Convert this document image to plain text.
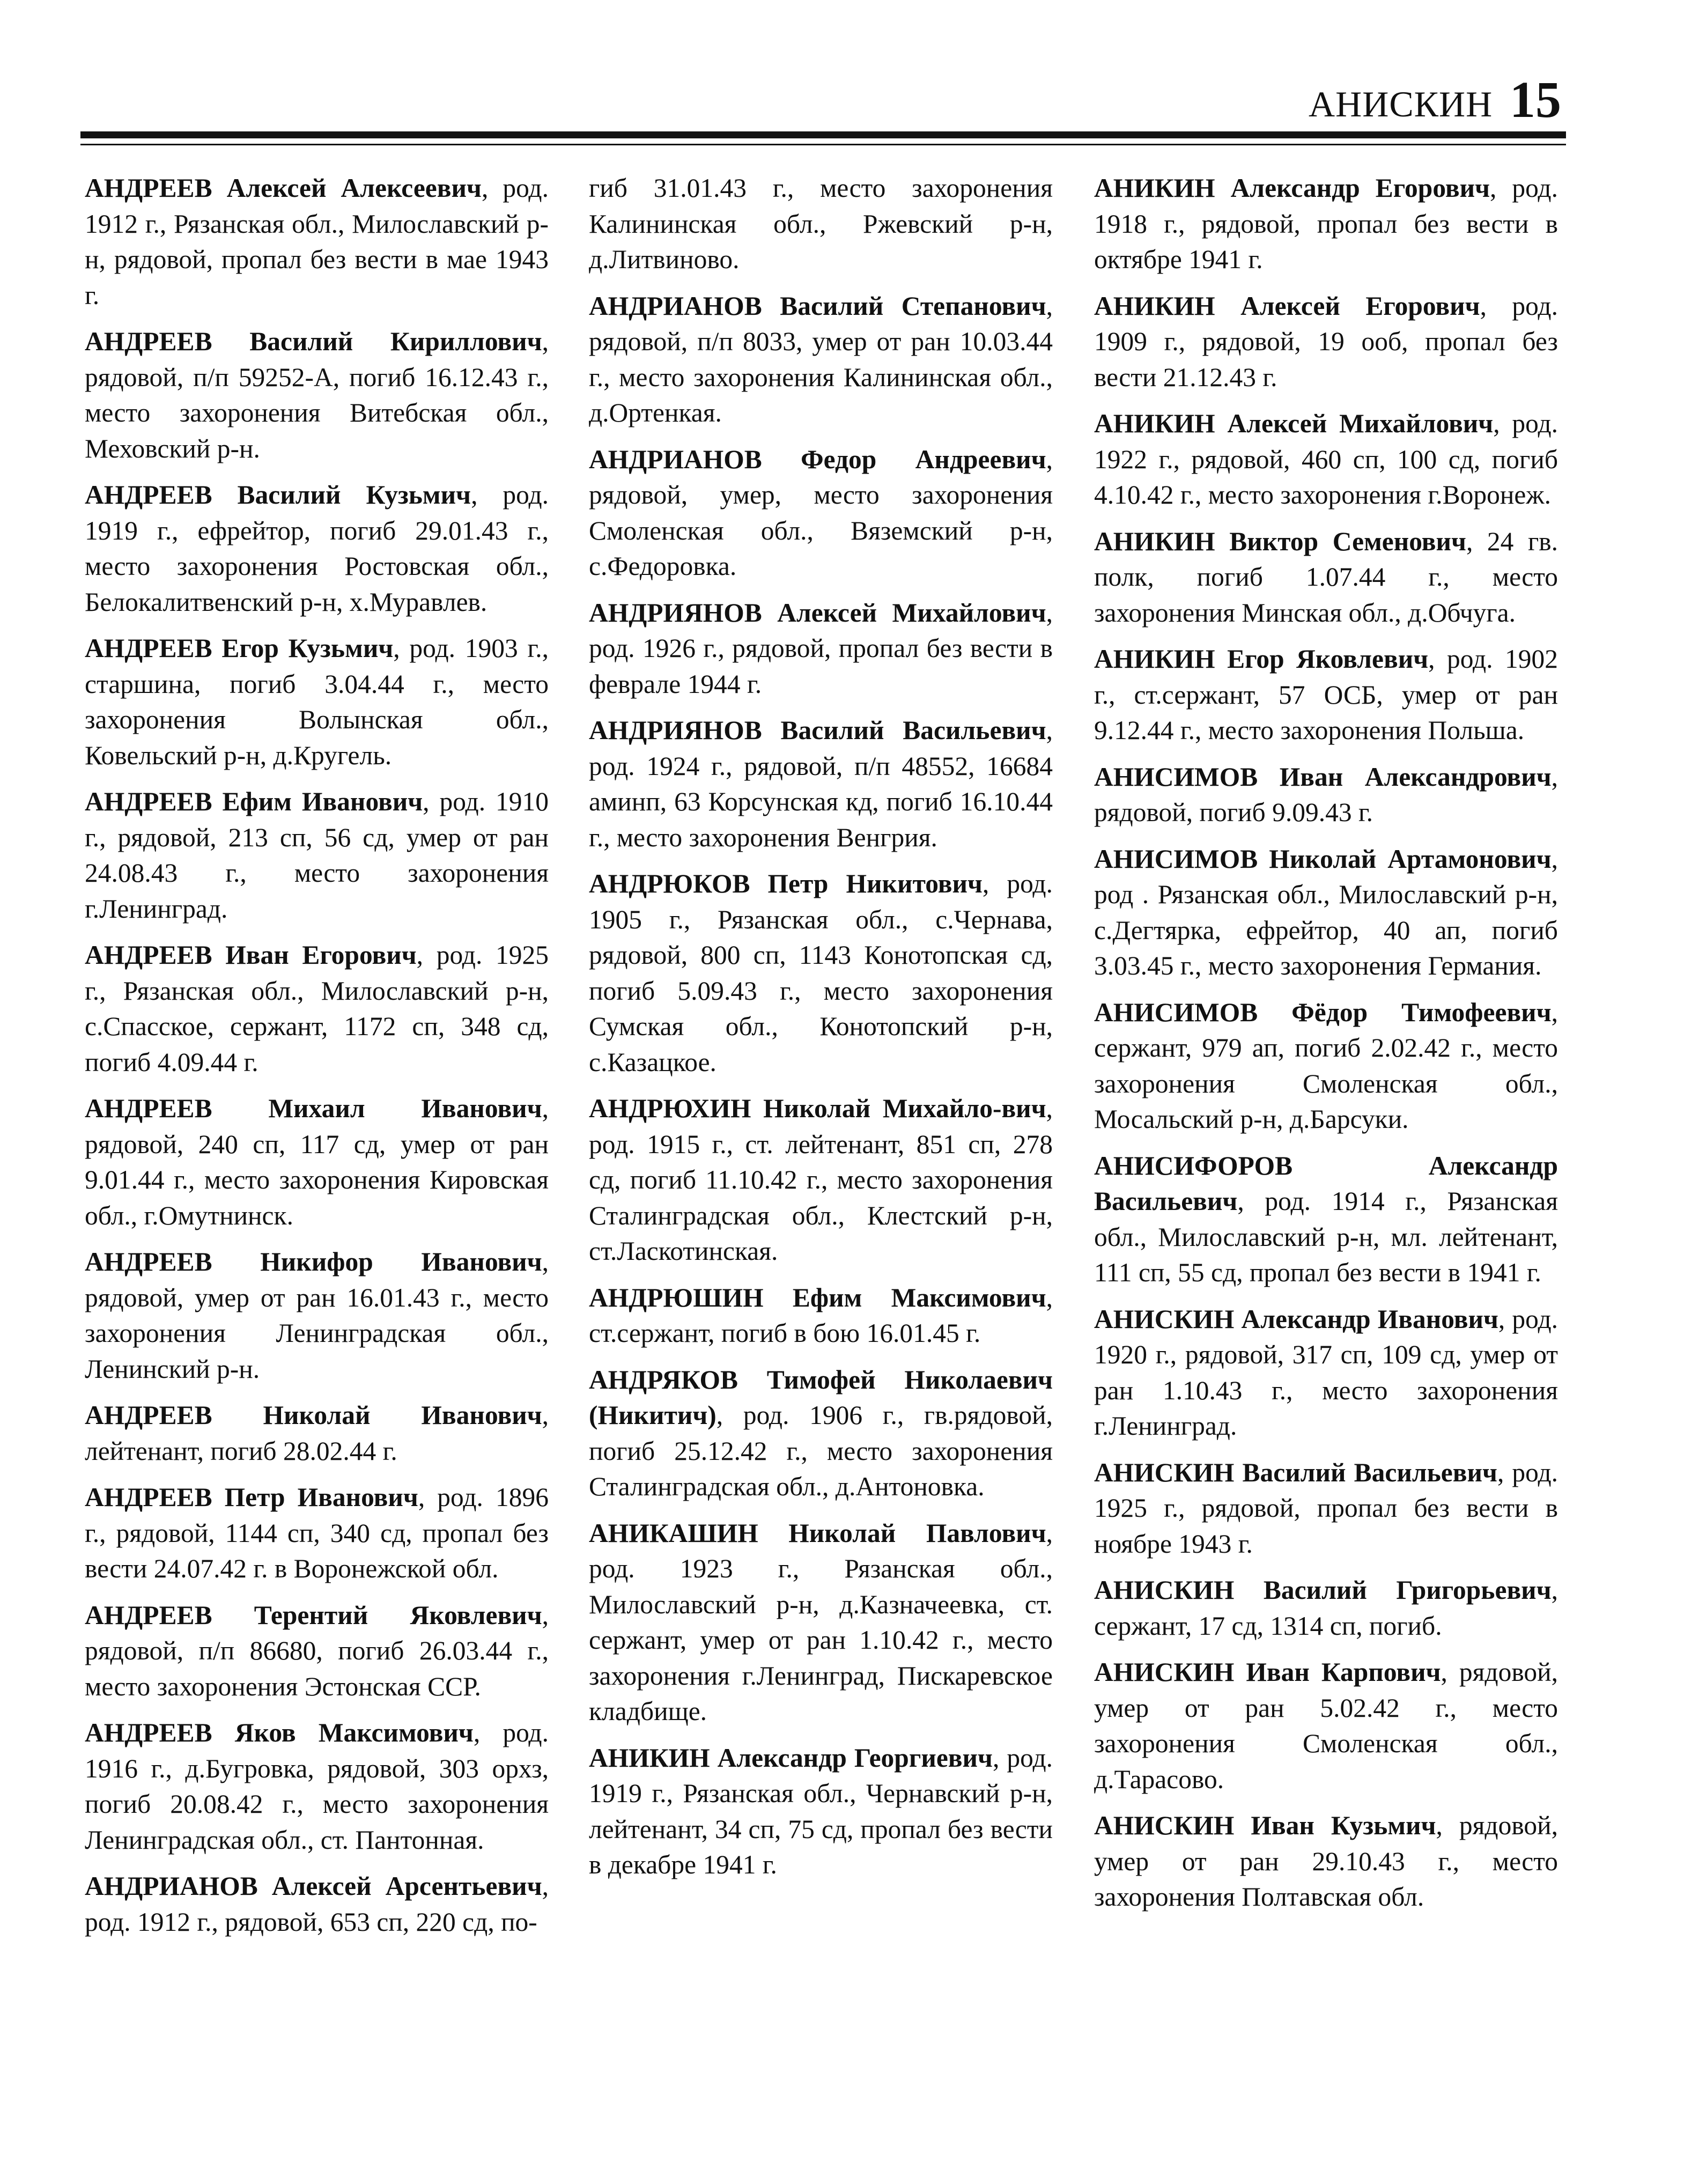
АНИСКИН 15

АНДРЕЕВ Алексей Алексеевич, род. 1912 г., Рязанская обл., Милославский р-н, рядовой, пропал без вести в мае 1943 г.

АНДРЕЕВ Василий Кириллович, рядовой, п/п 59252-А, погиб 16.12.43 г., место захоронения Витебская обл., Меховский р-н.

АНДРЕЕВ Василий Кузьмич, род. 1919 г., ефрейтор, погиб 29.01.43 г., место захоронения Ростовская обл., Белокалитвенский р-н, х.Муравлев.

АНДРЕЕВ Егор Кузьмич, род. 1903 г., старшина, погиб 3.04.44 г., место захоронения Волынская обл., Ковельский р-н, д.Кругель.

АНДРЕЕВ Ефим Иванович, род. 1910 г., рядовой, 213 сп, 56 сд, умер от ран 24.08.43 г., место захоронения г.Ленинград.

АНДРЕЕВ Иван Егорович, род. 1925 г., Рязанская обл., Милославский р-н, с.Спасское, сержант, 1172 сп, 348 сд, погиб 4.09.44 г.

АНДРЕЕВ Михаил Иванович, рядовой, 240 сп, 117 сд, умер от ран 9.01.44 г., место захоронения Кировская обл., г.Омутнинск.

АНДРЕЕВ Никифор Иванович, рядовой, умер от ран 16.01.43 г., место захоронения Ленинградская обл., Ленинский р-н.

АНДРЕЕВ Николай Иванович, лейтенант, погиб 28.02.44 г.

АНДРЕЕВ Петр Иванович, род. 1896 г., рядовой, 1144 сп, 340 сд, пропал без вести 24.07.42 г. в Воронежской обл.

АНДРЕЕВ Терентий Яковлевич, рядовой, п/п 86680, погиб 26.03.44 г., место захоронения Эстонская ССР.

АНДРЕЕВ Яков Максимович, род. 1916 г., д.Бугровка, рядовой, 303 орхз, погиб 20.08.42 г., место захоронения Ленинградская обл., ст. Пантонная.

АНДРИАНОВ Алексей Арсентьевич, род. 1912 г., рядовой, 653 сп, 220 сд, по-

гиб 31.01.43 г., место захоронения Калининская обл., Ржевский р-н, д.Литвиново.

АНДРИАНОВ Василий Степанович, рядовой, п/п 8033, умер от ран 10.03.44 г., место захоронения Калининская обл., д.Ортенкая.

АНДРИАНОВ Федор Андреевич, рядовой, умер, место захоронения Смоленская обл., Вяземский р-н, с.Федоровка.

АНДРИЯНОВ Алексей Михайлович, род. 1926 г., рядовой, пропал без вести в феврале 1944 г.

АНДРИЯНОВ Василий Васильевич, род. 1924 г., рядовой, п/п 48552, 16684 аминп, 63 Корсунская кд, погиб 16.10.44 г., место захоронения Венгрия.

АНДРЮКОВ Петр Никитович, род. 1905 г., Рязанская обл., с.Чернава, рядовой, 800 сп, 1143 Конотопская сд, погиб 5.09.43 г., место захоронения Сумская обл., Конотопский р-н, с.Казацкое.

АНДРЮХИН Николай Михайло-вич, род. 1915 г., ст. лейтенант, 851 сп, 278 сд, погиб 11.10.42 г., место захоронения Сталинградская обл., Клестский р-н, ст.Ласкотинская.

АНДРЮШИН Ефим Максимович, ст.сержант, погиб в бою 16.01.45 г.

АНДРЯКОВ Тимофей Николаевич (Никитич), род. 1906 г., гв.рядовой, погиб 25.12.42 г., место захоронения Сталинградская обл., д.Антоновка.

АНИКАШИН Николай Павлович, род. 1923 г., Рязанская обл., Милославский р-н, д.Казначеевка, ст. сержант, умер от ран 1.10.42 г., место захоронения г.Ленинград, Пискаревское кладбище.

АНИКИН Александр Георгиевич, род. 1919 г., Рязанская обл., Чернавский р-н, лейтенант, 34 сп, 75 сд, пропал без вести в декабре 1941 г.

АНИКИН Александр Егорович, род. 1918 г., рядовой, пропал без вести в октябре 1941 г.

АНИКИН Алексей Егорович, род. 1909 г., рядовой, 19 ооб, пропал без вести 21.12.43 г.

АНИКИН Алексей Михайлович, род. 1922 г., рядовой, 460 сп, 100 сд, погиб 4.10.42 г., место захоронения г.Воронеж.

АНИКИН Виктор Семенович, 24 гв. полк, погиб 1.07.44 г., место захоронения Минская обл., д.Обчуга.

АНИКИН Егор Яковлевич, род. 1902 г., ст.сержант, 57 ОСБ, умер от ран 9.12.44 г., место захоронения Польша.

АНИСИМОВ Иван Александрович, рядовой, погиб 9.09.43 г.

АНИСИМОВ Николай Артамонович, род . Рязанская обл., Милославский р-н, с.Дегтярка, ефрейтор, 40 ап, погиб 3.03.45 г., место захоронения Германия.

АНИСИМОВ Фёдор Тимофеевич, сержант, 979 ап, погиб 2.02.42 г., место захоронения Смоленская обл., Мосальский р-н, д.Барсуки.

АНИСИФОРОВ Александр Васильевич, род. 1914 г., Рязанская обл., Милославский р-н, мл. лейтенант, 111 сп, 55 сд, пропал без вести в 1941 г.

АНИСКИН Александр Иванович, род. 1920 г., рядовой, 317 сп, 109 сд, умер от ран 1.10.43 г., место захоронения г.Ленинград.

АНИСКИН Василий Васильевич, род. 1925 г., рядовой, пропал без вести в ноябре 1943 г.

АНИСКИН Василий Григорьевич, сержант, 17 сд, 1314 сп, погиб.

АНИСКИН Иван Карпович, рядовой, умер от ран 5.02.42 г., место захоронения Смоленская обл., д.Тарасово.

АНИСКИН Иван Кузьмич, рядовой, умер от ран 29.10.43 г., место захоронения Полтавская обл.
